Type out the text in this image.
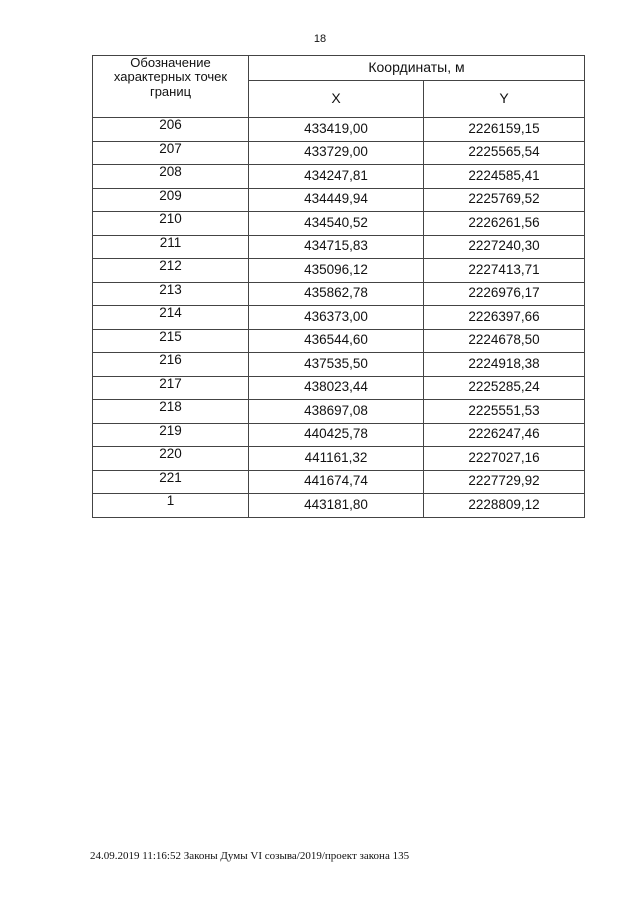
18
Обозначение характерных точек границ	Координаты, м	
	X	Y
206	433419,00	2226159,15
207	433729,00	2225565,54
208	434247,81	2224585,41
209	434449,94	2225769,52
210	434540,52	2226261,56
211	434715,83	2227240,30
212	435096,12	2227413,71
213	435862,78	2226976,17
214	436373,00	2226397,66
215	436544,60	2224678,50
216	437535,50	2224918,38
217	438023,44	2225285,24
218	438697,08	2225551,53
219	440425,78	2226247,46
220	441161,32	2227027,16
221	441674,74	2227729,92
1	443181,80	2228809,12
24.09.2019 11:16:52 Законы Думы VI созыва/2019/проект закона 135
